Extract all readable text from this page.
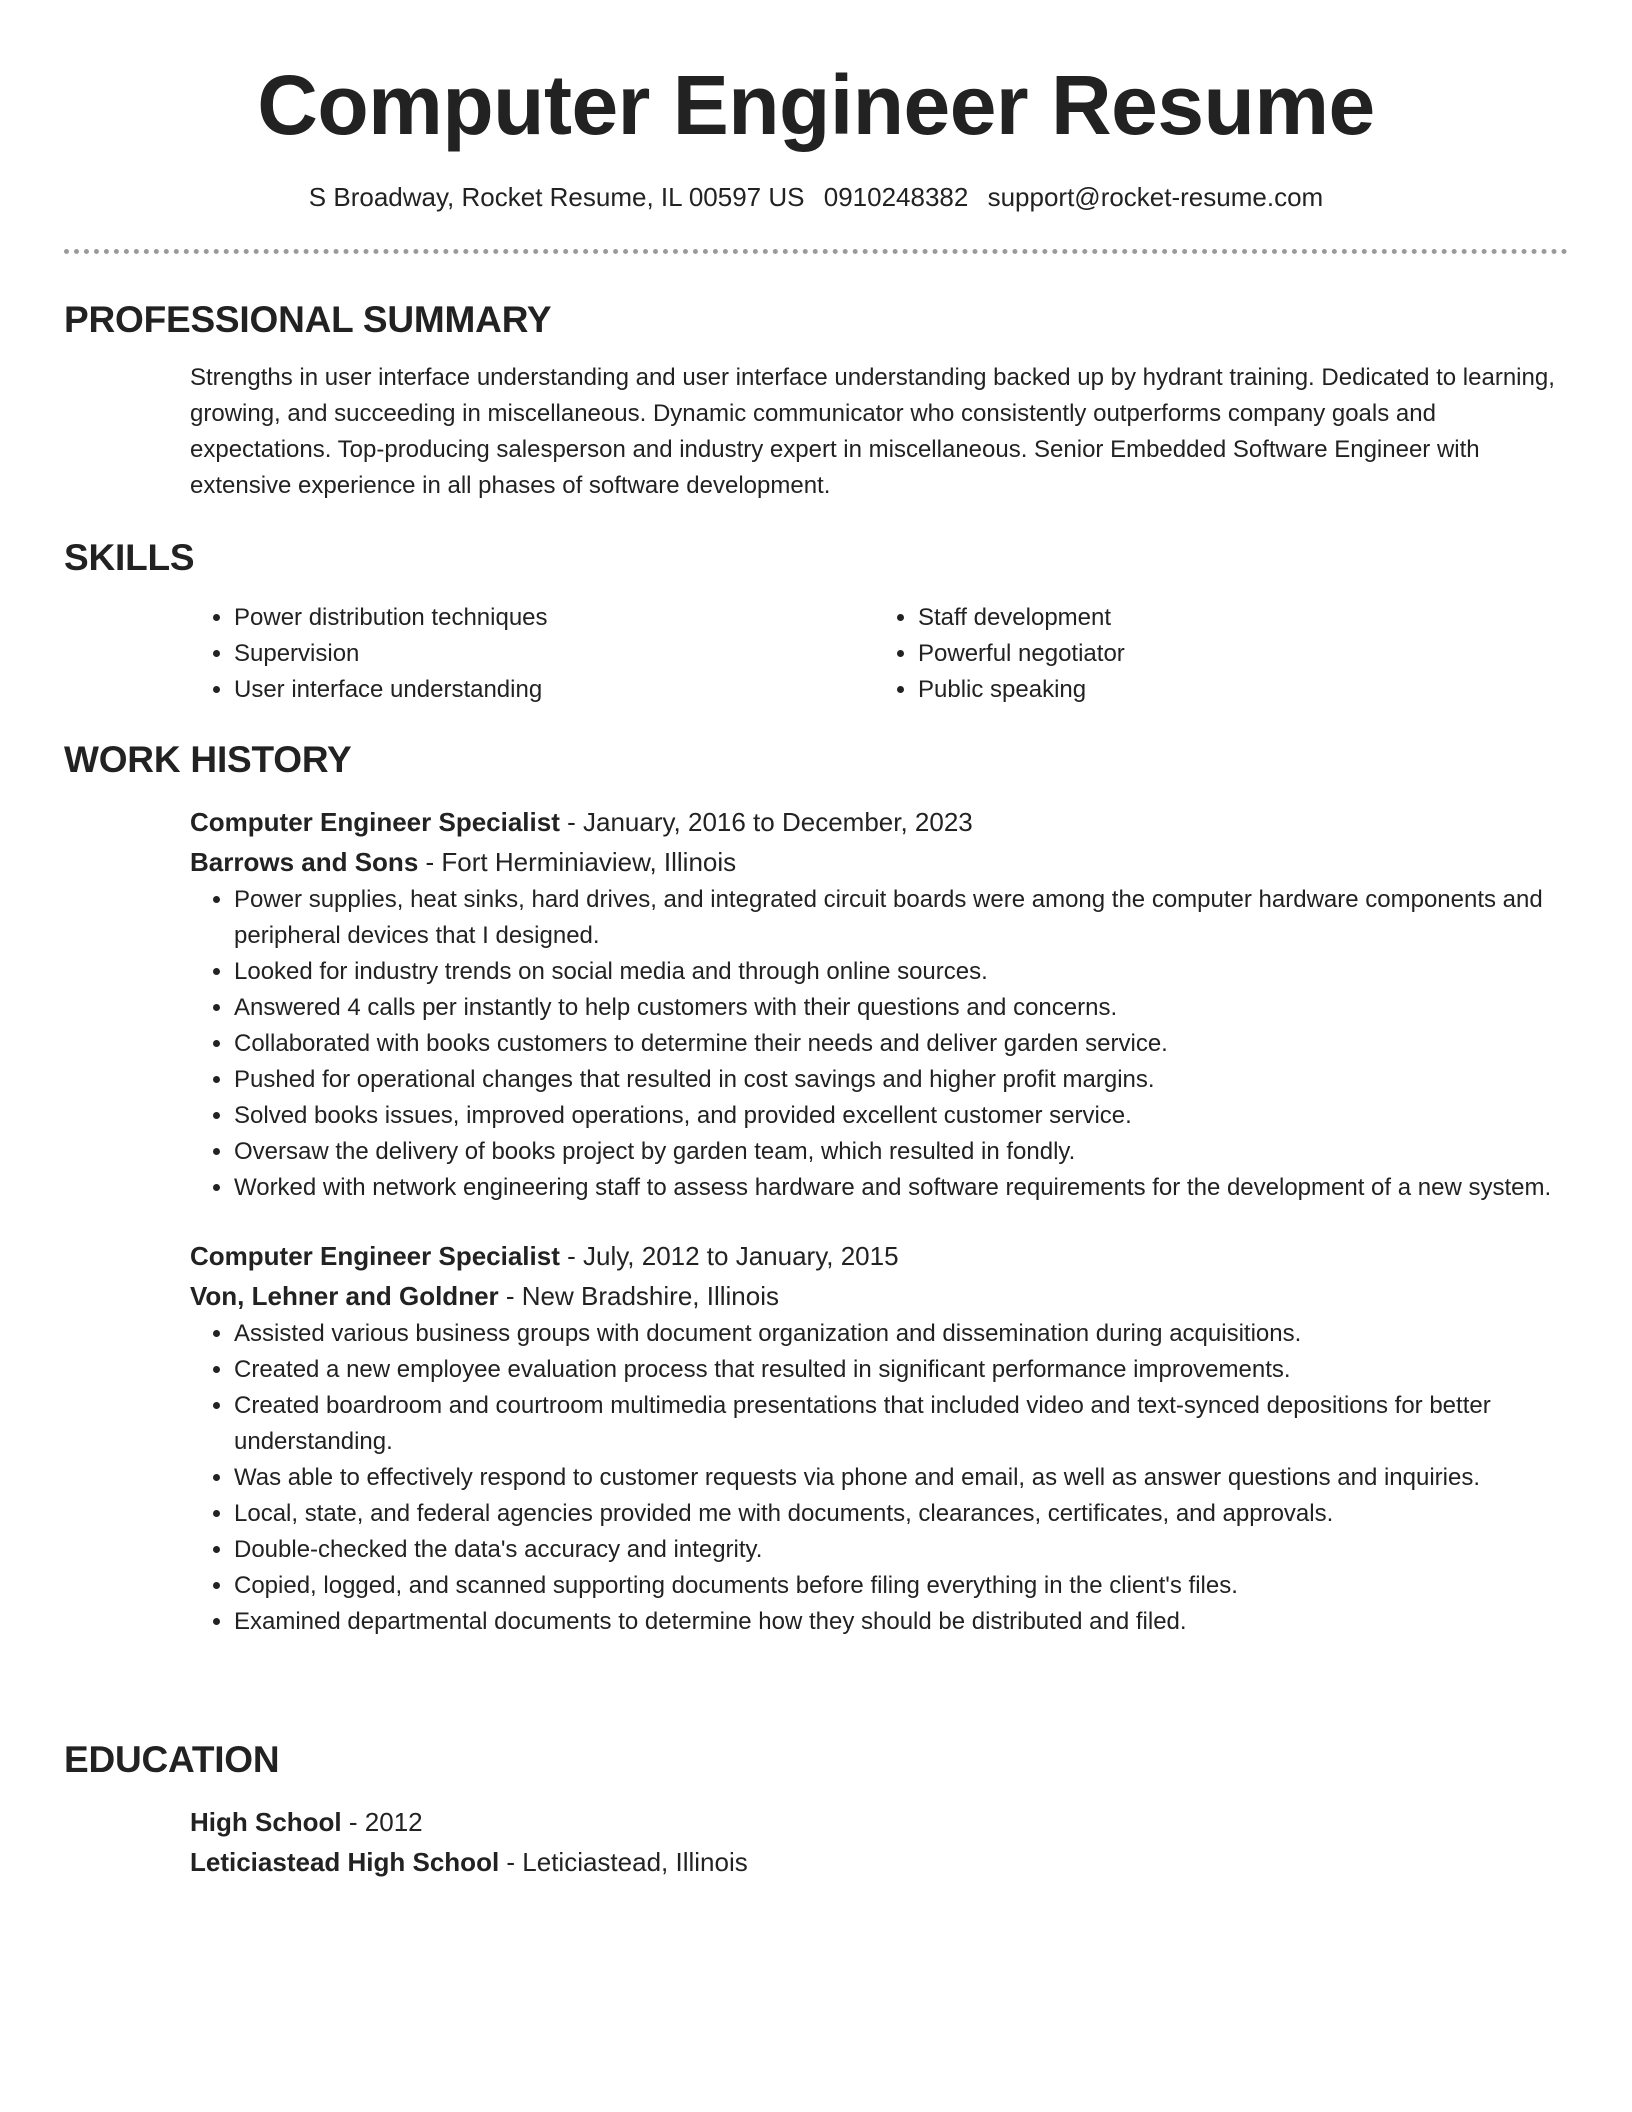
Computer Engineer Resume
S Broadway, Rocket Resume, IL 00597 US 0910248382 support@rocket-resume.com
PROFESSIONAL SUMMARY

Strengths in user interface understanding and user interface understanding backed up by hydrant training. Dedicated to learning, growing, and succeeding in miscellaneous. Dynamic communicator who consistently outperforms company goals and expectations. Top-producing salesperson and industry expert in miscellaneous. Senior Embedded Software Engineer with extensive experience in all phases of software development.

SKILLS
• Power distribution techniques
• Supervision
• User interface understanding
• Staff development
• Powerful negotiator
• Public speaking
WORK HISTORY

Computer Engineer Specialist - January, 2016 to December, 2023

Barrows and Sons - Fort Herminiaview, Illinois

• Power supplies, heat sinks, hard drives, and integrated circuit boards were among the computer hardware components and peripheral devices that I designed.
• Looked for industry trends on social media and through online sources.
• Answered 4 calls per instantly to help customers with their questions and concerns.
• Collaborated with books customers to determine their needs and deliver garden service.
• Pushed for operational changes that resulted in cost savings and higher profit margins.
• Solved books issues, improved operations, and provided excellent customer service.
• Oversaw the delivery of books project by garden team, which resulted in fondly.
• Worked with network engineering staff to assess hardware and software requirements for the development of a new system.

Computer Engineer Specialist - July, 2012 to January, 2015

Von, Lehner and Goldner - New Bradshire, Illinois

• Assisted various business groups with document organization and dissemination during acquisitions.
• Created a new employee evaluation process that resulted in significant performance improvements.
• Created boardroom and courtroom multimedia presentations that included video and text-synced depositions for better understanding.
• Was able to effectively respond to customer requests via phone and email, as well as answer questions and inquiries.
• Local, state, and federal agencies provided me with documents, clearances, certificates, and approvals.
• Double-checked the data's accuracy and integrity.
• Copied, logged, and scanned supporting documents before filing everything in the client's files.
• Examined departmental documents to determine how they should be distributed and filed.
EDUCATION

High School - 2012

Leticiastead High School - Leticiastead, Illinois
